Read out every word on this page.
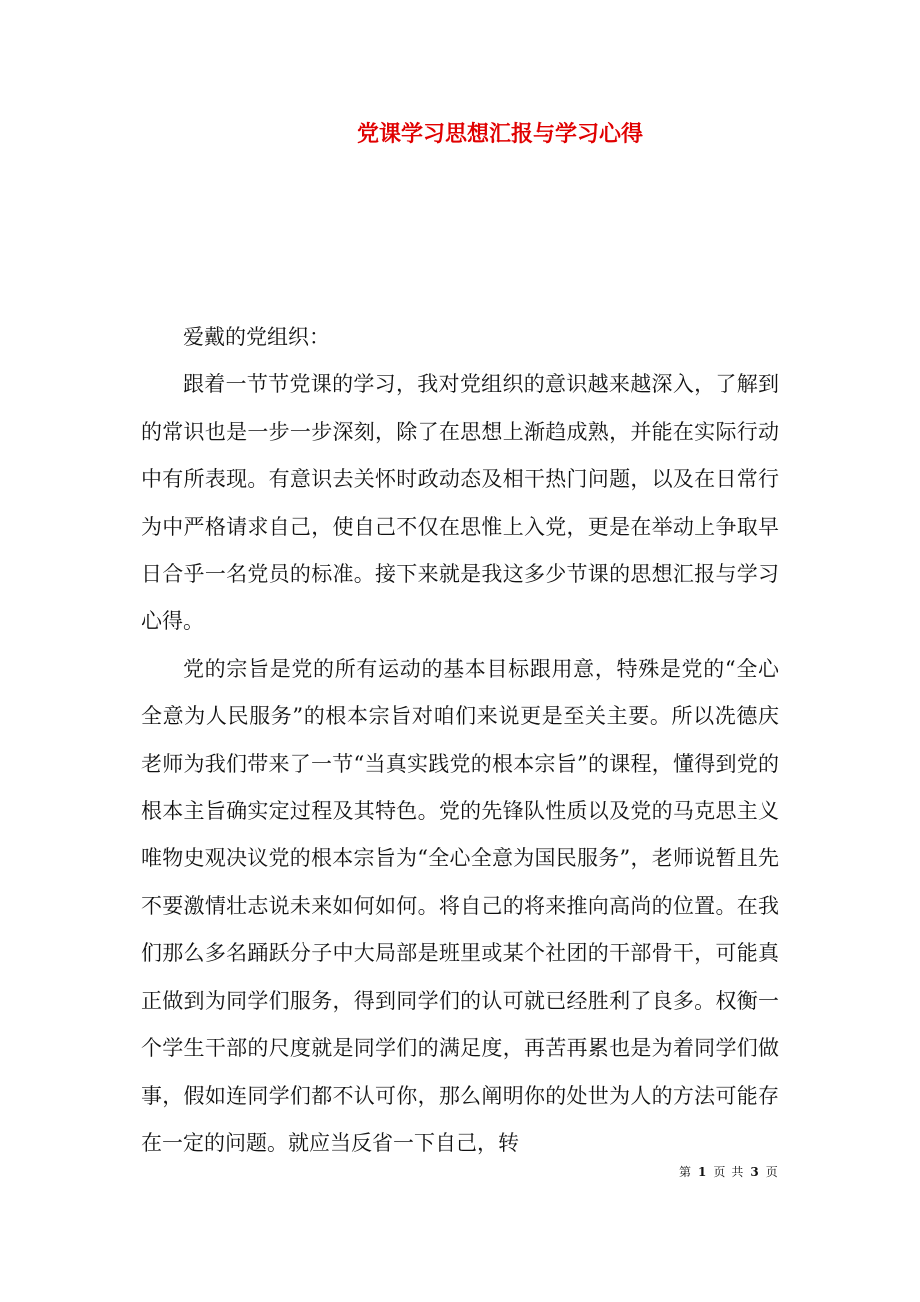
党课学习思想汇报与学习心得

爱戴的党组织：

跟着一节节党课的学习，我对党组织的意识越来越深入，了解到的常识也是一步一步深刻，除了在思想上渐趋成熟，并能在实际行动中有所表现。有意识去关怀时政动态及相干热门问题，以及在日常行为中严格请求自己，使自己不仅在思惟上入党，更是在举动上争取早日合乎一名党员的标准。接下来就是我这多少节课的思想汇报与学习心得。

党的宗旨是党的所有运动的基本目标跟用意，特殊是党的“全心全意为人民服务”的根本宗旨对咱们来说更是至关主要。所以冼德庆老师为我们带来了一节“当真实践党的根本宗旨”的课程，懂得到党的根本主旨确实定过程及其特色。党的先锋队性质以及党的马克思主义唯物史观决议党的根本宗旨为“全心全意为国民服务”，老师说暂且先不要激情壮志说未来如何如何。将自己的将来推向高尚的位置。在我们那么多名踊跃分子中大局部是班里或某个社团的干部骨干，可能真正做到为同学们服务，得到同学们的认可就已经胜利了良多。权衡一个学生干部的尺度就是同学们的满足度，再苦再累也是为着同学们做事，假如连同学们都不认可你，那么阐明你的处世为人的方法可能存在一定的问题。就应当反省一下自己，转

第 1 页 共 3 页
